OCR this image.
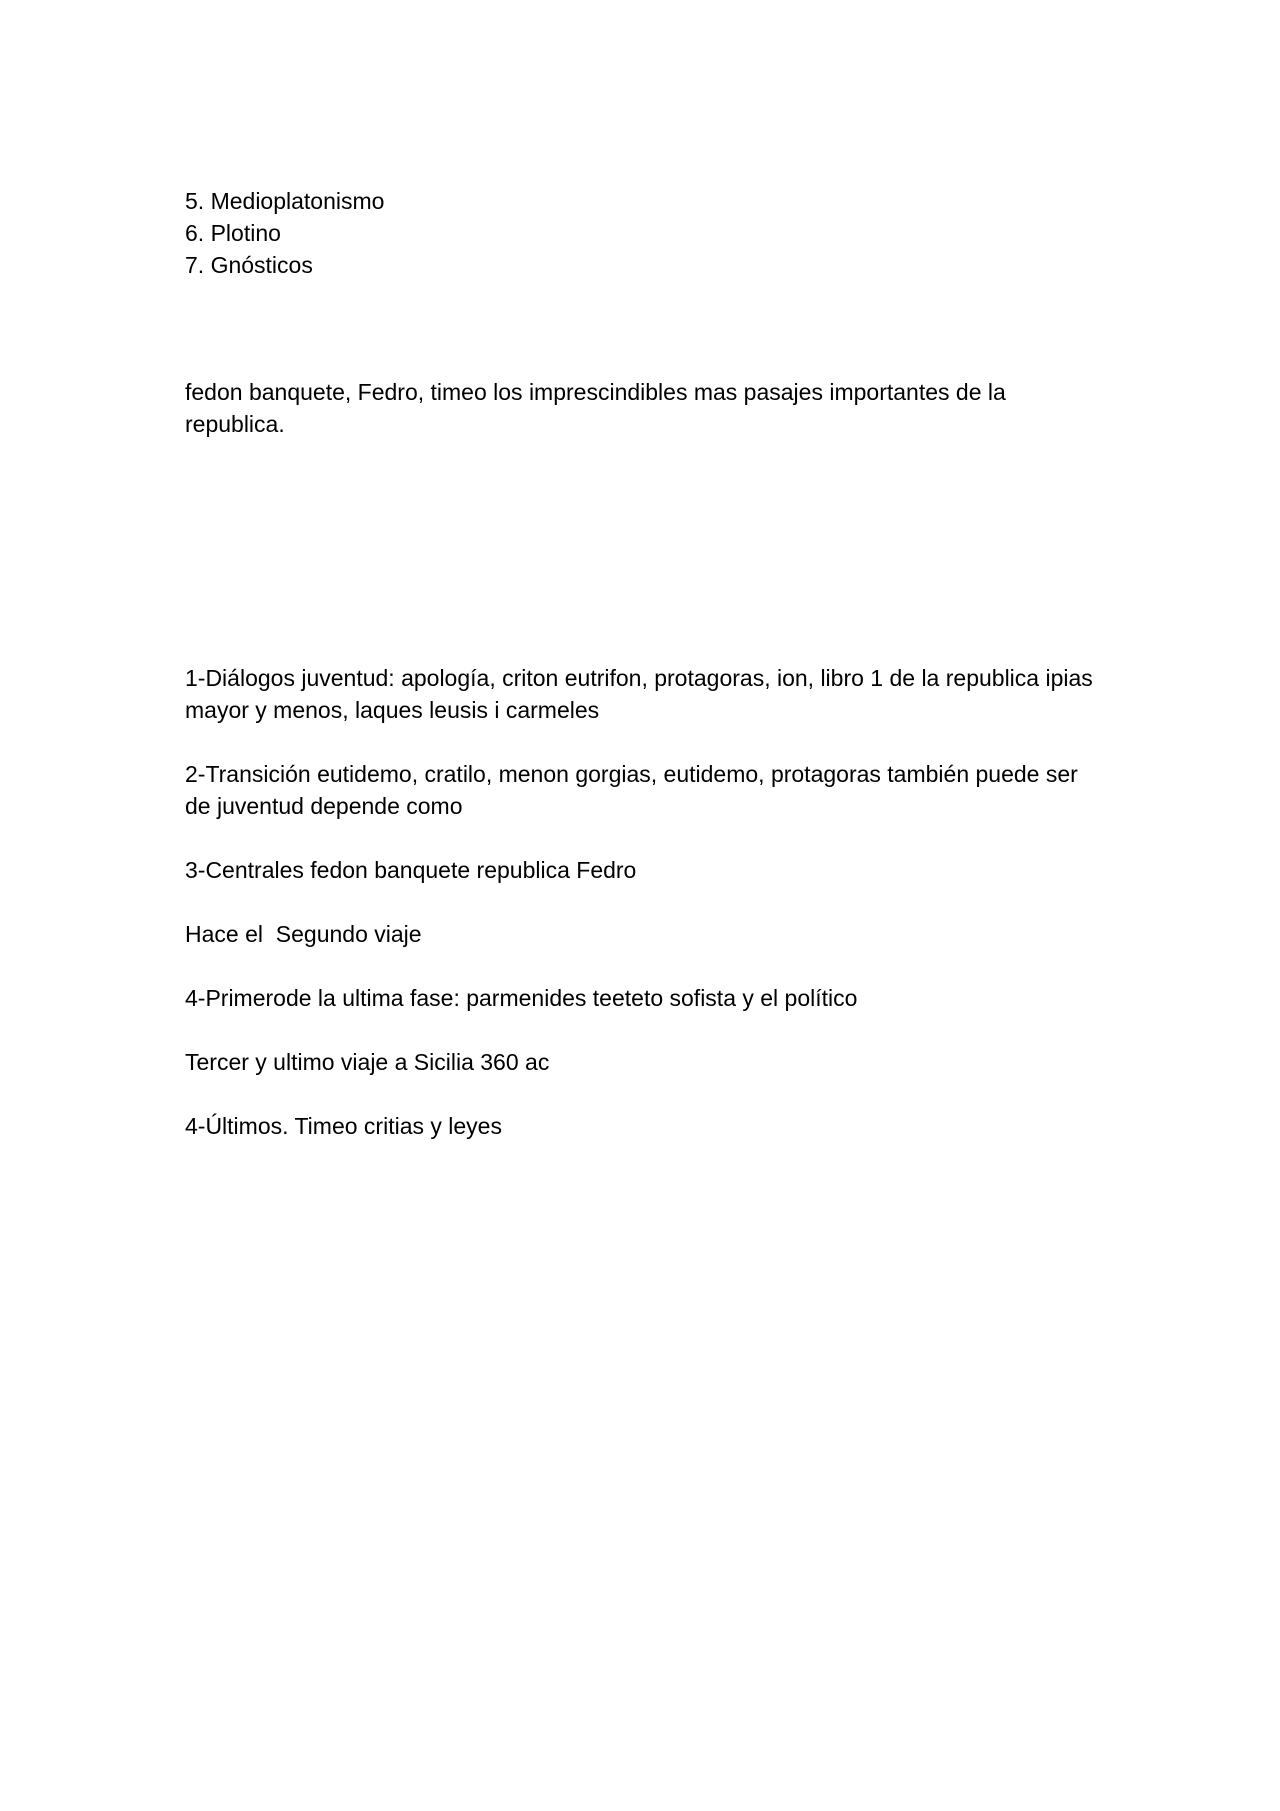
5. Medioplatonismo

6. Plotino

7. Gnósticos

fedon banquete, Fedro, timeo los imprescindibles mas pasajes importantes de la republica.

1-Diálogos juventud: apología, criton eutrifon, protagoras, ion, libro 1 de la republica ipias mayor y menos, laques leusis i carmeles

2-Transición eutidemo, cratilo, menon gorgias, eutidemo, protagoras también puede ser de juventud depende como

3-Centrales fedon banquete republica Fedro

Hace el  Segundo viaje

4-Primerode la ultima fase: parmenides teeteto sofista y el político

Tercer y ultimo viaje a Sicilia 360 ac

4-Últimos. Timeo critias y leyes
